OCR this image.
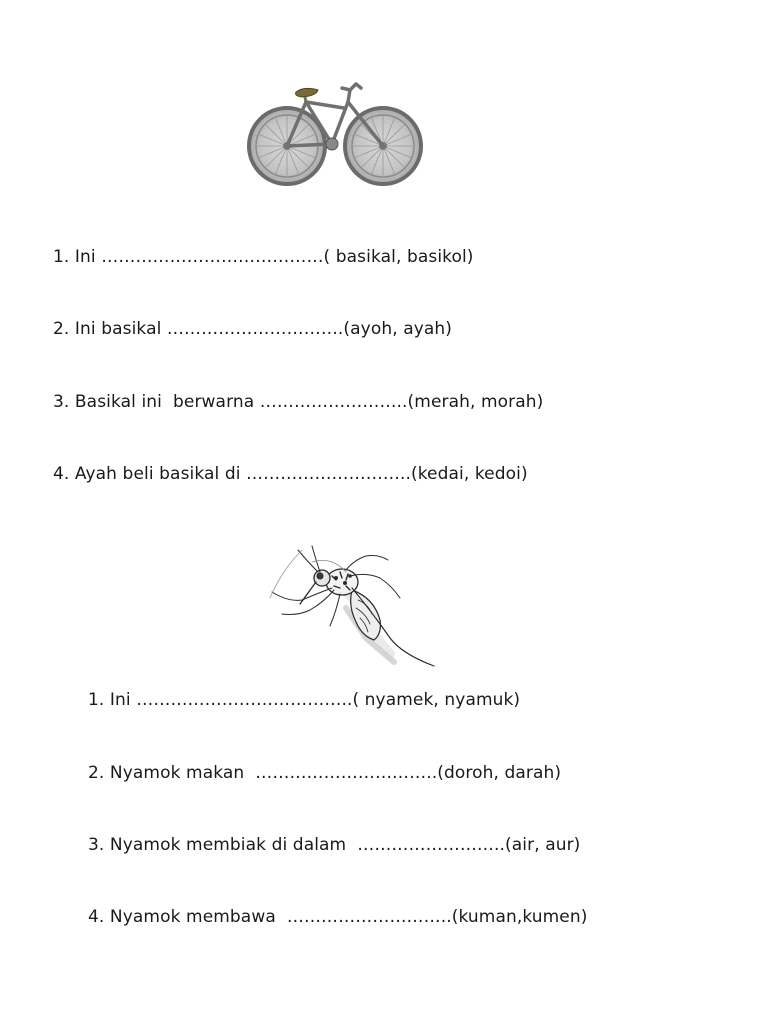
1. Ini …………………………………( basikal, basikol)
2. Ini basikal ………………………….(ayoh, ayah)
3. Basikal ini  berwarna ……………………..(merah, morah)
4. Ayah beli basikal di ………………………..(kedai, kedoi)
1. Ini ………………………………..( nyamek, nyamuk)
2. Nyamok makan  …………………………..(doroh, darah)
3. Nyamok membiak di dalam  ……………………..(air, aur)
4. Nyamok membawa  ………………………..(kuman,kumen)
